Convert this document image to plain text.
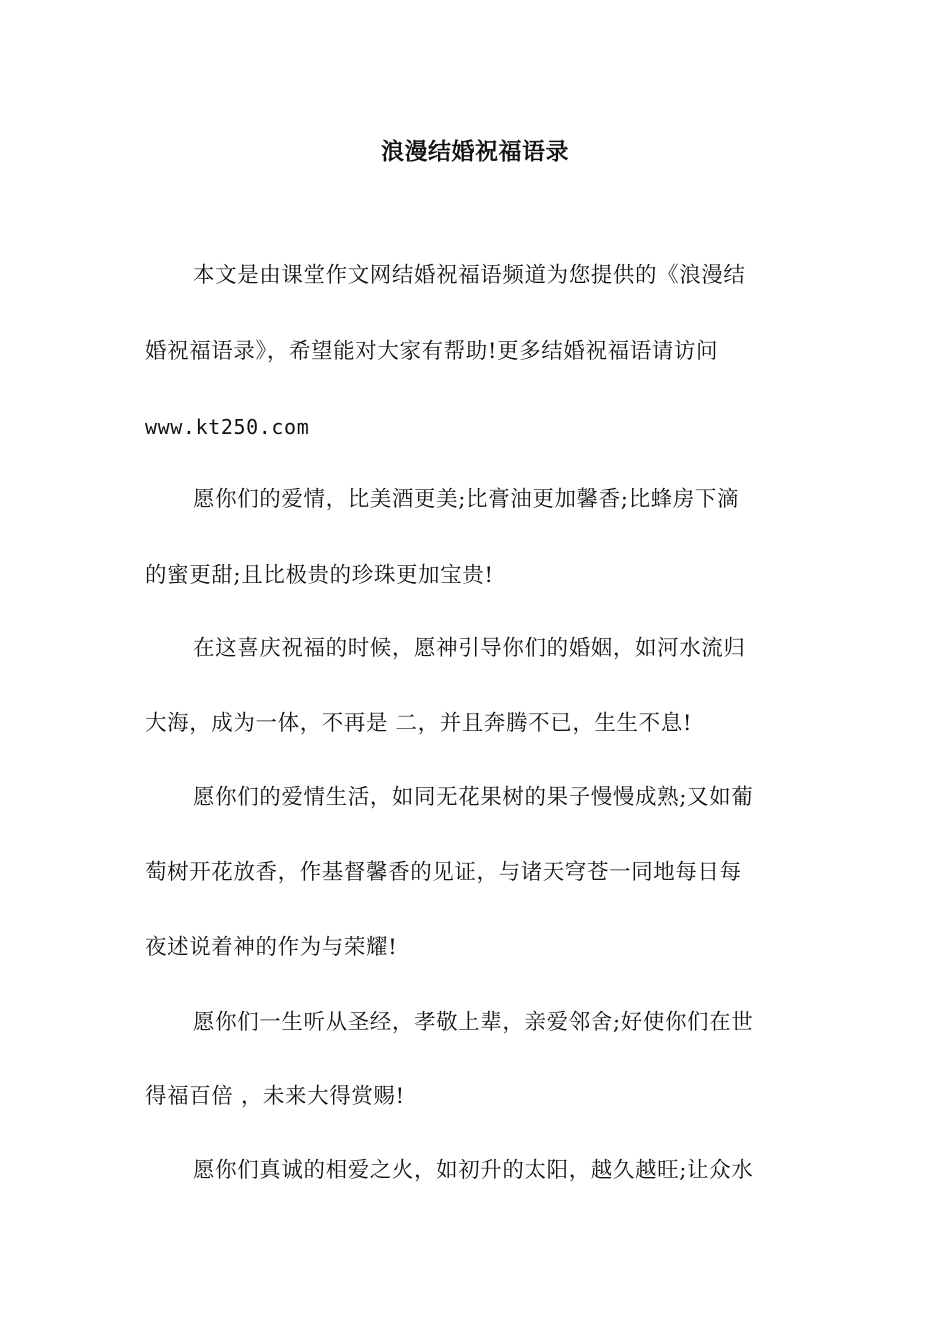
浪漫结婚祝福语录
本文是由课堂作文网结婚祝福语频道为您提供的《浪漫结
婚祝福语录》，希望能对大家有帮助!更多结婚祝福语请访问
www.kt250.com
愿你们的爱情，比美酒更美;比膏油更加馨香;比蜂房下滴
的蜜更甜;且比极贵的珍珠更加宝贵!
在这喜庆祝福的时候，愿神引导你们的婚姻，如河水流归
大海，成为一体，不再是 二，并且奔腾不已，生生不息!
愿你们的爱情生活，如同无花果树的果子慢慢成熟;又如葡
萄树开花放香，作基督馨香的见证，与诸天穹苍一同地每日每
夜述说着神的作为与荣耀!
愿你们一生听从圣经，孝敬上辈，亲爱邻舍;好使你们在世
得福百倍 ，未来大得赏赐!
愿你们真诚的相爱之火，如初升的太阳，越久越旺;让众水
